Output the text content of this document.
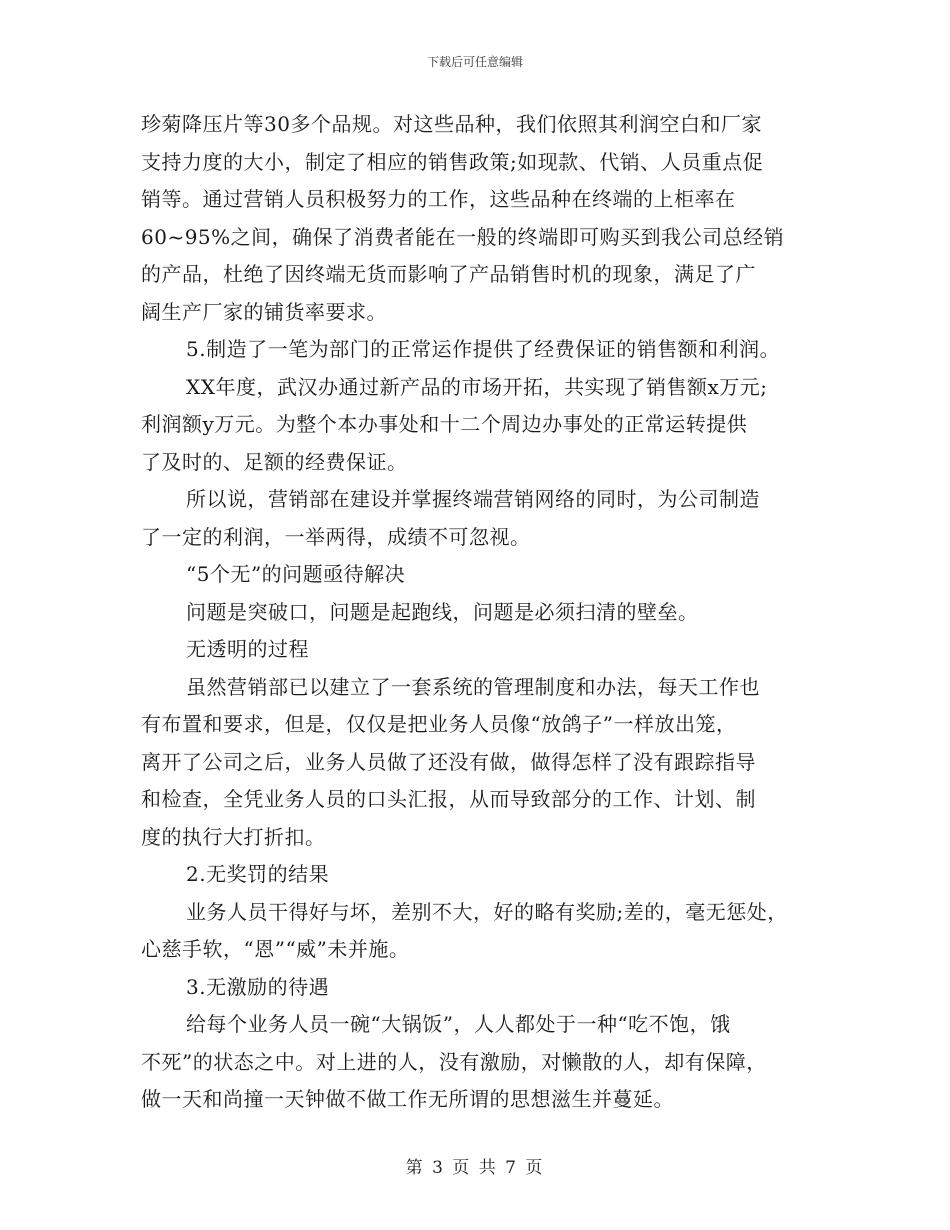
下载后可任意编辑
珍菊降压片等30多个品规。对这些品种，我们依照其利润空白和厂家
支持力度的大小，制定了相应的销售政策;如现款、代销、人员重点促
销等。通过营销人员积极努力的工作，这些品种在终端的上柜率在
60~95%之间，确保了消费者能在一般的终端即可购买到我公司总经销
的产品，杜绝了因终端无货而影响了产品销售时机的现象，满足了广
阔生产厂家的铺货率要求。
5.制造了一笔为部门的正常运作提供了经费保证的销售额和利润。
XX年度，武汉办通过新产品的市场开拓，共实现了销售额x万元;
利润额y万元。为整个本办事处和十二个周边办事处的正常运转提供
了及时的、足额的经费保证。
所以说，营销部在建设并掌握终端营销网络的同时，为公司制造
了一定的利润，一举两得，成绩不可忽视。
“5个无”的问题亟待解决
问题是突破口，问题是起跑线，问题是必须扫清的壁垒。
无透明的过程
虽然营销部已以建立了一套系统的管理制度和办法，每天工作也
有布置和要求，但是，仅仅是把业务人员像“放鸽子”一样放出笼，
离开了公司之后，业务人员做了还没有做，做得怎样了没有跟踪指导
和检查，全凭业务人员的口头汇报，从而导致部分的工作、计划、制
度的执行大打折扣。
2.无奖罚的结果
业务人员干得好与坏，差别不大，好的略有奖励;差的，毫无惩处，
心慈手软，“恩”“威”未并施。
3.无激励的待遇
给每个业务人员一碗“大锅饭”，人人都处于一种“吃不饱，饿
不死”的状态之中。对上进的人，没有激励，对懒散的人，却有保障，
做一天和尚撞一天钟做不做工作无所谓的思想滋生并蔓延。
第 3 页 共 7 页
